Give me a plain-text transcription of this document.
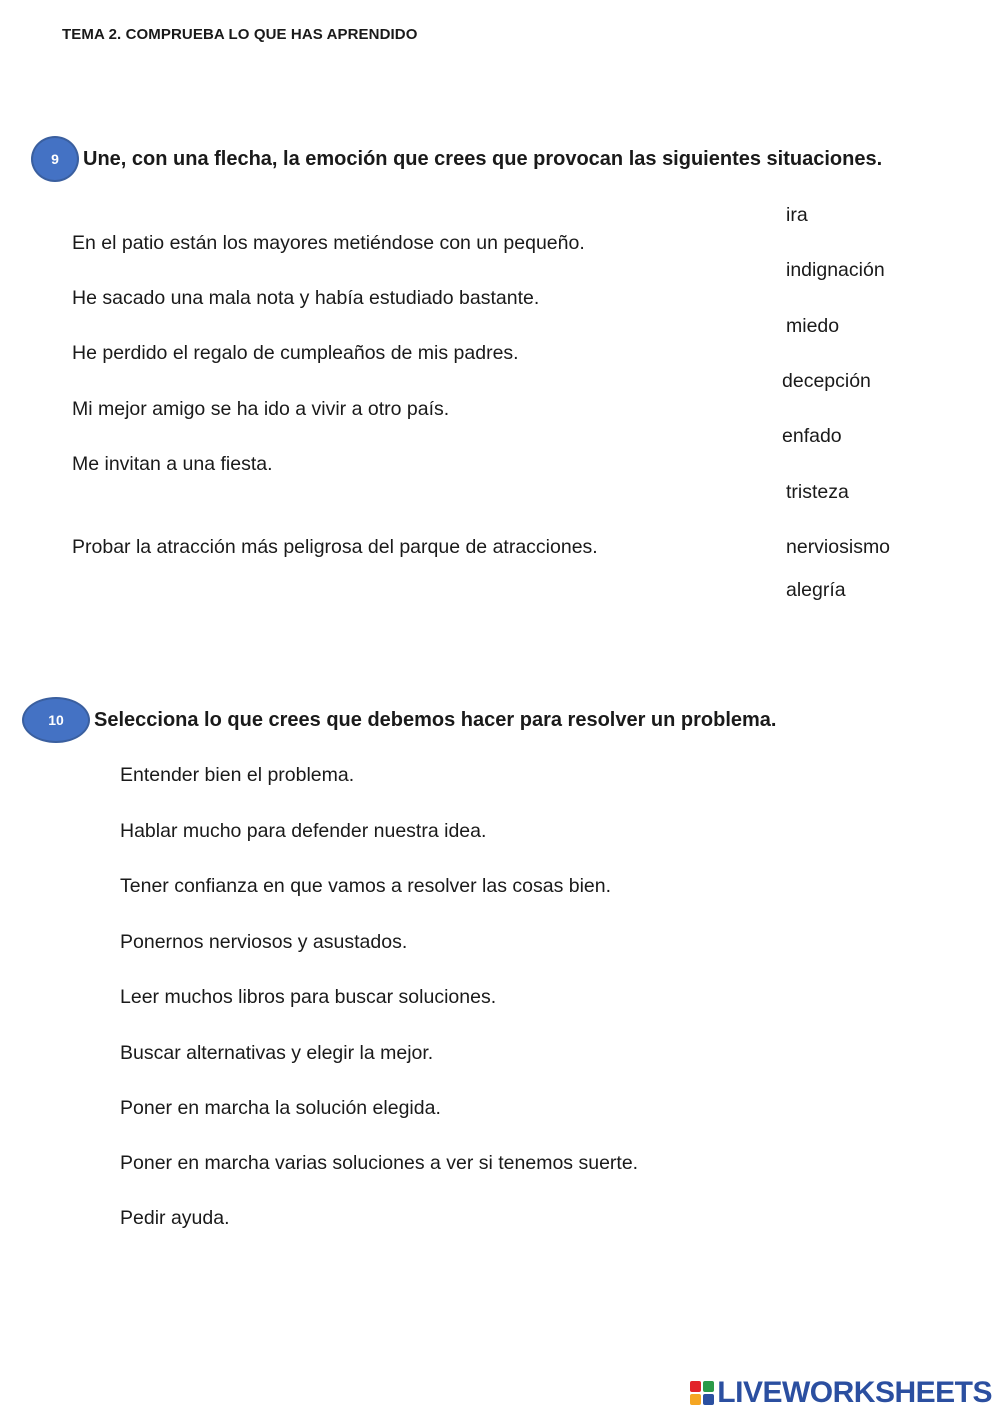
TEMA 2. COMPRUEBA LO QUE HAS APRENDIDO
9	Une, con una flecha, la emoción que crees que provocan las siguientes situaciones.
En el patio están los mayores metiéndose con un pequeño.
He sacado una mala nota y había estudiado bastante.
He perdido el regalo de cumpleaños de mis padres.
Mi mejor amigo se ha ido a vivir a otro país.
Me invitan a una fiesta.
Probar la atracción más peligrosa del parque de atracciones.
ira
indignación
miedo
decepción
enfado
tristeza
nerviosismo
alegría
10	Selecciona lo que crees que debemos hacer para resolver un problema.
Entender bien el problema.
Hablar mucho para defender nuestra idea.
Tener confianza en que vamos a resolver las cosas bien.
Ponernos nerviosos y asustados.
Leer muchos libros para buscar soluciones.
Buscar alternativas y elegir la mejor.
Poner en marcha la solución elegida.
Poner en marcha varias soluciones a ver si tenemos suerte.
Pedir ayuda.
LIVEWORKSHEETS
